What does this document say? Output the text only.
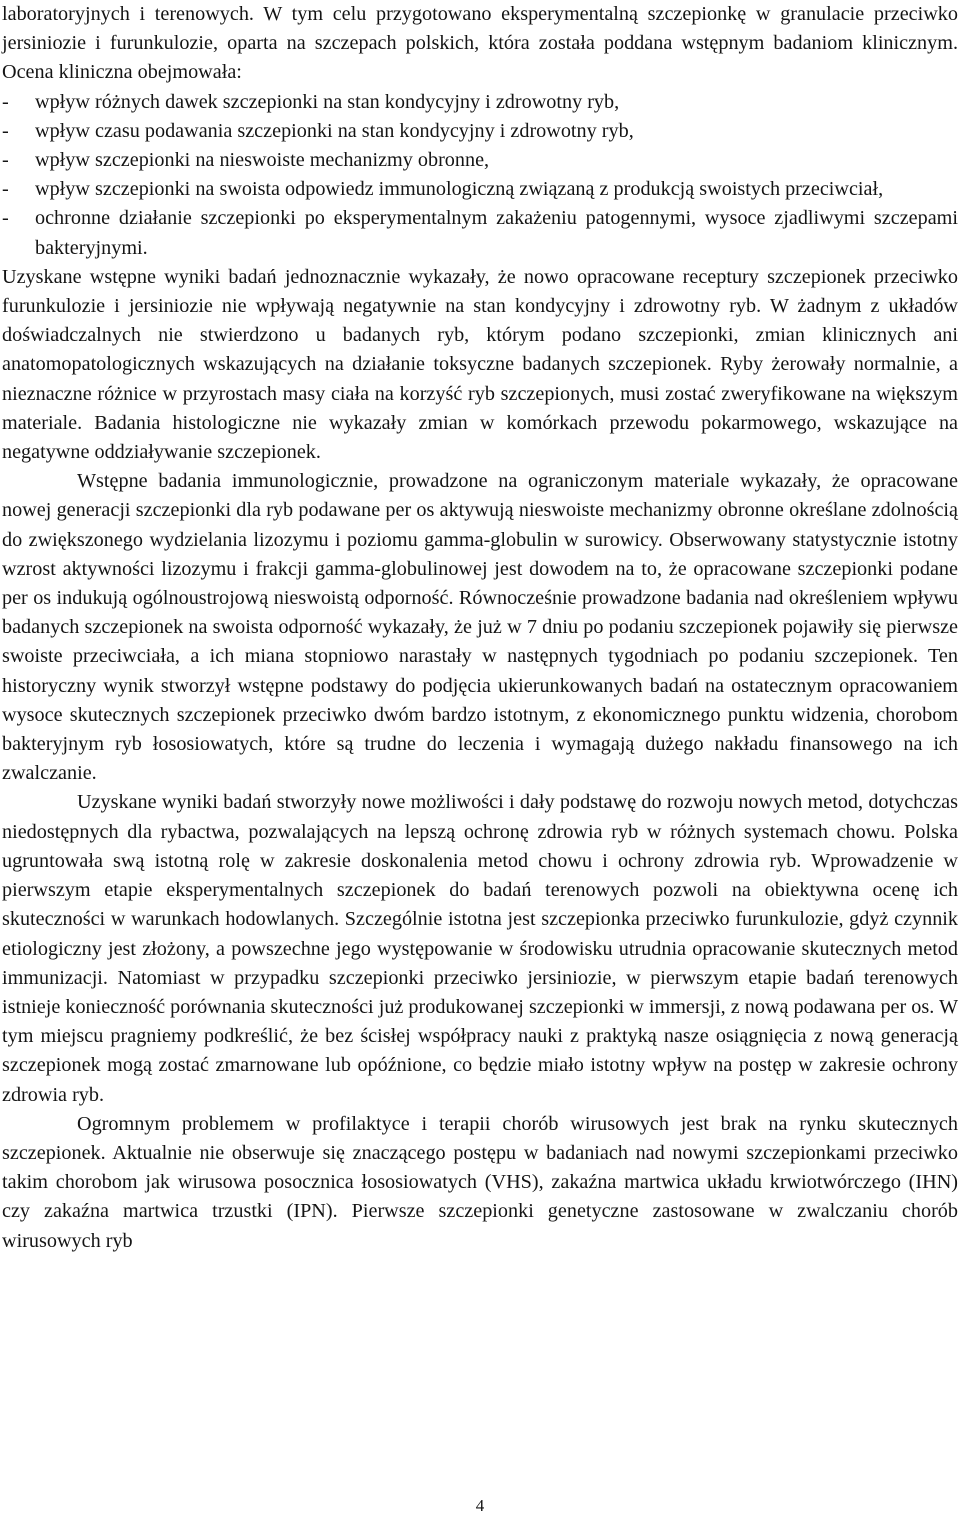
laboratoryjnych i terenowych. W tym celu przygotowano eksperymentalną szczepionkę w granulacie przeciwko jersiniozie i furunkulozie, oparta na szczepach polskich, która została poddana wstępnym badaniom klinicznym. Ocena kliniczna obejmowała:

- wpływ różnych dawek szczepionki na stan kondycyjny i zdrowotny ryb,
- wpływ czasu podawania szczepionki na stan kondycyjny i zdrowotny ryb,
- wpływ szczepionki na nieswoiste mechanizmy obronne,
- wpływ szczepionki na swoista odpowiedz immunologiczną związaną z produkcją swoistych przeciwciał,
- ochronne działanie szczepionki po eksperymentalnym zakażeniu patogennymi, wysoce zjadliwymi szczepami bakteryjnymi.

Uzyskane wstępne wyniki badań jednoznacznie wykazały, że nowo opracowane receptury szczepionek przeciwko furunkulozie i jersiniozie nie wpływają negatywnie na stan kondycyjny i zdrowotny ryb. W żadnym z układów doświadczalnych nie stwierdzono u badanych ryb, którym podano szczepionki, zmian klinicznych ani anatomopatologicznych wskazujących na działanie toksyczne badanych szczepionek. Ryby żerowały normalnie, a nieznaczne różnice w przyrostach masy ciała na korzyść ryb szczepionych, musi zostać zweryfikowane na większym materiale. Badania histologiczne nie wykazały zmian w komórkach przewodu pokarmowego, wskazujące na negatywne oddziaływanie szczepionek.

Wstępne badania immunologicznie, prowadzone na ograniczonym materiale wykazały, że opracowane nowej generacji szczepionki dla ryb podawane per os aktywują nieswoiste mechanizmy obronne określane zdolnością do zwiększonego wydzielania lizozymu i poziomu gamma-globulin w surowicy. Obserwowany statystycznie istotny wzrost aktywności lizozymu i frakcji gamma-globulinowej jest dowodem na to, że opracowane szczepionki podane per os indukują ogólnoustrojową nieswoistą odporność. Równocześnie prowadzone badania nad określeniem wpływu badanych szczepionek na swoista odporność wykazały, że już w 7 dniu po podaniu szczepionek pojawiły się pierwsze swoiste przeciwciała, a ich miana stopniowo narastały w następnych tygodniach po podaniu szczepionek. Ten historyczny wynik stworzył wstępne podstawy do podjęcia ukierunkowanych badań na ostatecznym opracowaniem wysoce skutecznych szczepionek przeciwko dwóm bardzo istotnym, z ekonomicznego punktu widzenia, chorobom bakteryjnym ryb łososiowatych, które są trudne do leczenia i wymagają dużego nakładu finansowego na ich zwalczanie.

Uzyskane wyniki badań stworzyły nowe możliwości i dały podstawę do rozwoju nowych metod, dotychczas niedostępnych dla rybactwa, pozwalających na lepszą ochronę zdrowia ryb w różnych systemach chowu. Polska ugruntowała swą istotną rolę w zakresie doskonalenia metod chowu i ochrony zdrowia ryb. Wprowadzenie w pierwszym etapie eksperymentalnych szczepionek do badań terenowych pozwoli na obiektywna ocenę ich skuteczności w warunkach hodowlanych. Szczególnie istotna jest szczepionka przeciwko furunkulozie, gdyż czynnik etiologiczny jest złożony, a powszechne jego występowanie w środowisku utrudnia opracowanie skutecznych metod immunizacji. Natomiast w przypadku szczepionki przeciwko jersiniozie, w pierwszym etapie badań terenowych istnieje konieczność porównania skuteczności już produkowanej szczepionki w immersji, z nową podawana per os. W tym miejscu pragniemy podkreślić, że bez ścisłej współpracy nauki z praktyką nasze osiągnięcia z nową generacją szczepionek mogą zostać zmarnowane lub opóźnione, co będzie miało istotny wpływ na postęp w zakresie ochrony zdrowia ryb.

Ogromnym problemem w profilaktyce i terapii chorób wirusowych jest brak na rynku skutecznych szczepionek. Aktualnie nie obserwuje się znaczącego postępu w badaniach nad nowymi szczepionkami przeciwko takim chorobom jak wirusowa posocznica łososiowatych (VHS), zakaźna martwica układu krwiotwórczego (IHN) czy zakaźna martwica trzustki (IPN). Pierwsze szczepionki genetyczne zastosowane w zwalczaniu chorób wirusowych ryb

4
